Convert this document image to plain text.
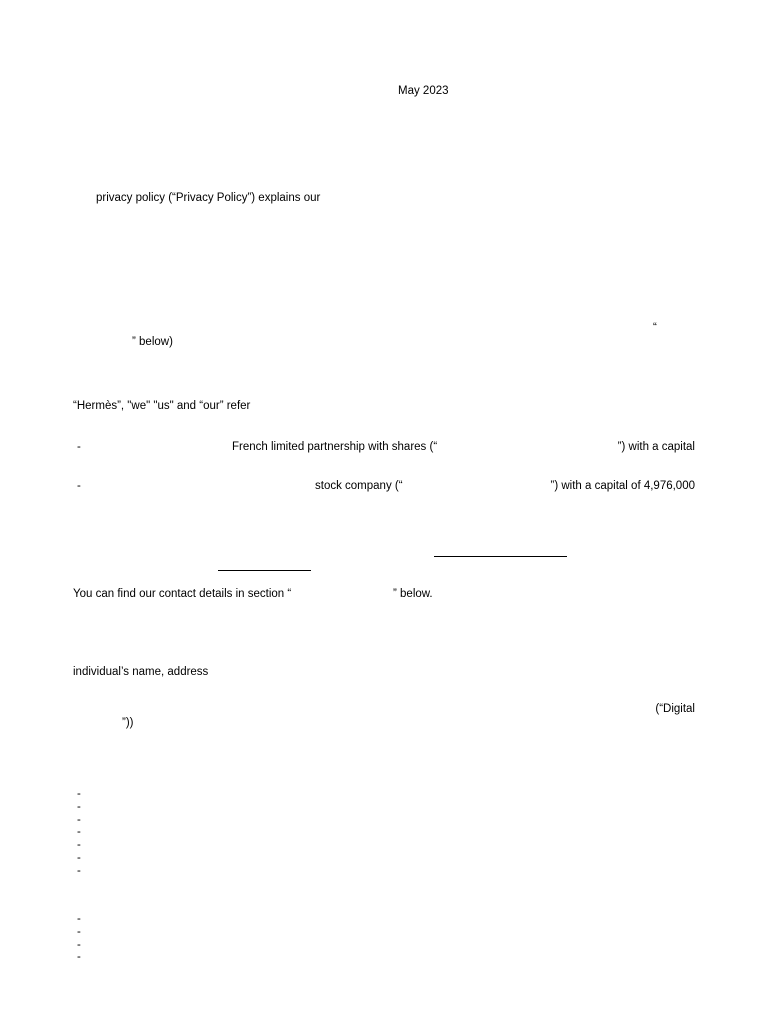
May 2023
privacy policy (“Privacy Policy”) explains our
“
” below)
“Hermès”, "we" "us" and “our” refer
-	French limited partnership with shares (“	”) with a capital
-	stock company (“	”) with a capital of 4,976,000
You can find our contact details in section “	” below.
individual’s name, address
(“Digital
”))
-
-
-
-
-
-
-
-
-
-
-
